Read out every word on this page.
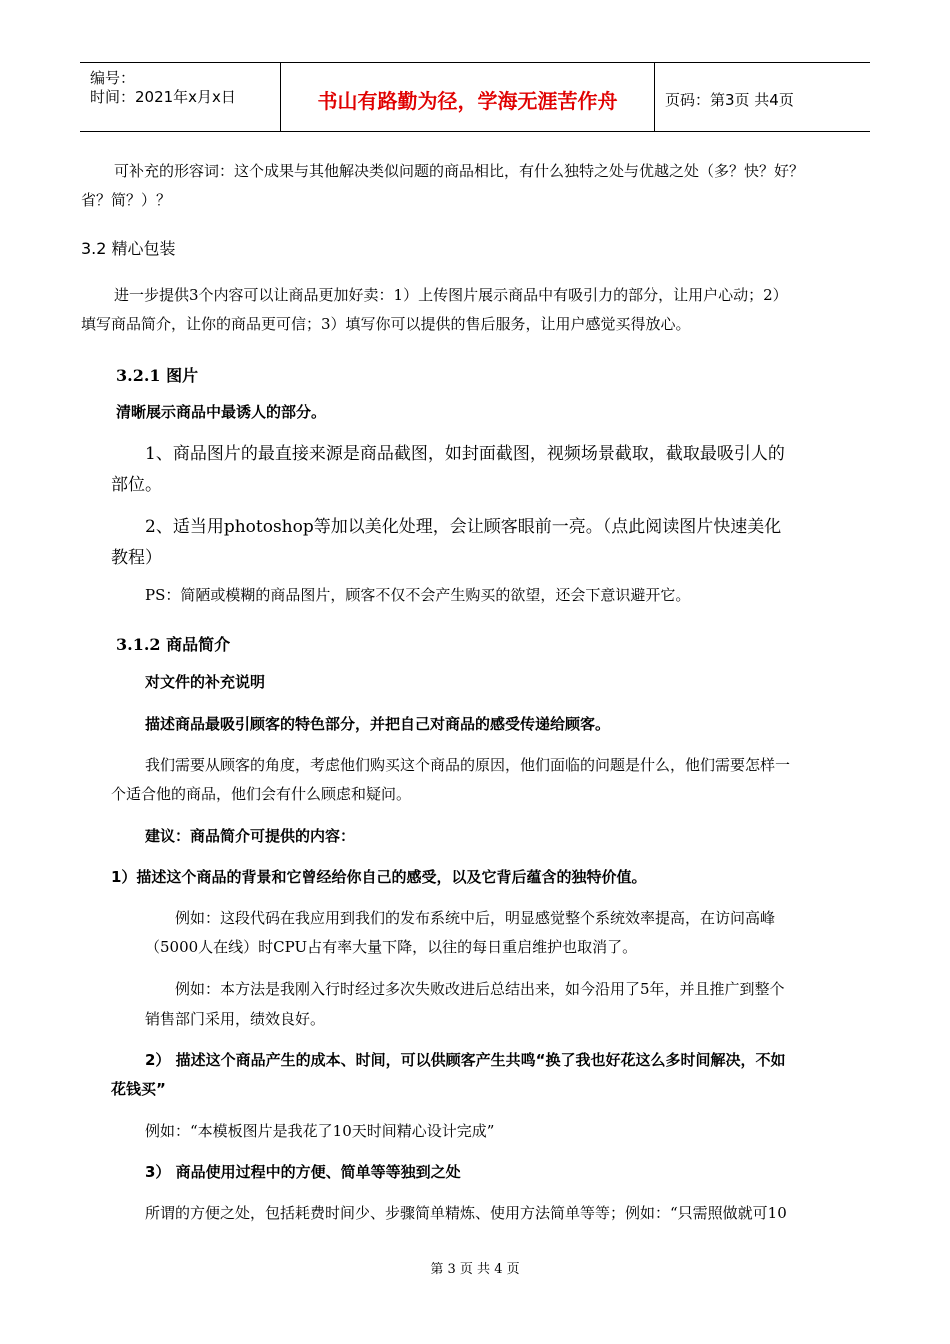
编号：
时间：2021年x月x日	书山有路勤为径，学海无涯苦作舟	页码：第3页 共4页
可补充的形容词：这个成果与其他解决类似问题的商品相比，有什么独特之处与优越之处（多？快？好？
省？简？）？
3.2 精心包装
进一步提供3个内容可以让商品更加好卖：1）上传图片展示商品中有吸引力的部分，让用户心动；2）
填写商品简介，让你的商品更可信；3）填写你可以提供的售后服务，让用户感觉买得放心。
3.2.1 图片
清晰展示商品中最诱人的部分。
1、商品图片的最直接来源是商品截图，如封面截图，视频场景截取，截取最吸引人的
部位。
2、适当用photoshop等加以美化处理，会让顾客眼前一亮。（点此阅读图片快速美化
教程）
PS：简陋或模糊的商品图片，顾客不仅不会产生购买的欲望，还会下意识避开它。
3.1.2 商品简介
对文件的补充说明
描述商品最吸引顾客的特色部分，并把自己对商品的感受传递给顾客。
我们需要从顾客的角度，考虑他们购买这个商品的原因，他们面临的问题是什么，他们需要怎样一
个适合他的商品，他们会有什么顾虑和疑问。
建议：商品简介可提供的内容：
1）描述这个商品的背景和它曾经给你自己的感受，以及它背后蕴含的独特价值。
例如：这段代码在我应用到我们的发布系统中后，明显感觉整个系统效率提高，在访问高峰
（5000人在线）时CPU占有率大量下降，以往的每日重启维护也取消了。
例如：本方法是我刚入行时经过多次失败改进后总结出来，如今沿用了5年，并且推广到整个
销售部门采用，绩效良好。
2） 描述这个商品产生的成本、时间，可以供顾客产生共鸣“换了我也好花这么多时间解决，不如
花钱买”
例如：“本模板图片是我花了10天时间精心设计完成”
3） 商品使用过程中的方便、简单等等独到之处
所谓的方便之处，包括耗费时间少、步骤简单精炼、使用方法简单等等；例如：“只需照做就可10
第 3 页 共 4 页
